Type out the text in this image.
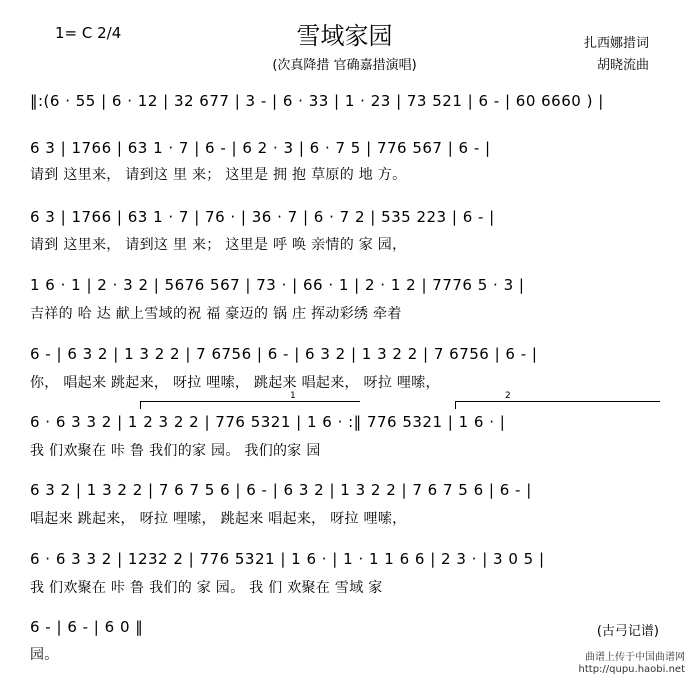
1= C 2/4	雪域家园
(次真降措 官确嘉措演唱)
扎西娜措词
胡晓流曲
‖:(6 · 55 | 6 · 12 | 32 677 | 3 - | 6 · 33 | 1 · 23 | 73 521 | 6 - | 60 6660 ) |
6 3 | 1766 | 63 1 · 7 | 6 - | 6 2 · 3 | 6 · 7 5 | 776 567 | 6 - |
请到 这里来， 请到这 里 来； 这里是 拥 抱 草原的 地 方。
6 3 | 1766 | 63 1 · 7 | 76 · | 36 · 7 | 6 · 7 2 | 535 223 | 6 - |
请到 这里来， 请到这 里 来； 这里是 呼 唤 亲情的 家 园，
1 6 · 1 | 2 · 3 2 | 5676 567 | 73 · | 66 · 1 | 2 · 1 2 | 7776 5 · 3 |
吉祥的 哈 达 献上雪域的祝 福 豪迈的 锅 庄 挥动彩绣 牵着
6 - | 6 3 2 | 1 3 2 2 | 7 6756 | 6 - | 6 3 2 | 1 3 2 2 | 7 6756 | 6 - |
你， 唱起来 跳起来， 呀拉 哩嗦， 跳起来 唱起来， 呀拉 哩嗦，
1	2
6 · 6 3 3 2 | 1 2 3 2 2 | 776 5321 | 1 6 · :‖ 776 5321 | 1 6 · |
我 们欢聚在 咔 鲁 我们的家 园。 我们的家 园
6 3 2 | 1 3 2 2 | 7 6 7 5 6 | 6 - | 6 3 2 | 1 3 2 2 | 7 6 7 5 6 | 6 - |
唱起来 跳起来， 呀拉 哩嗦， 跳起来 唱起来， 呀拉 哩嗦，
6 · 6 3 3 2 | 1232 2 | 776 5321 | 1 6 · | 1 · 1 1 6 6 | 2 3 · | 3 0 5 |
我 们欢聚在 咔 鲁 我们的 家 园。 我 们 欢聚在 雪域 家
6 - | 6 - | 6 0 ‖
园。
(古弓记谱)
曲谱上传于中国曲谱网
http://qupu.haobi.net
